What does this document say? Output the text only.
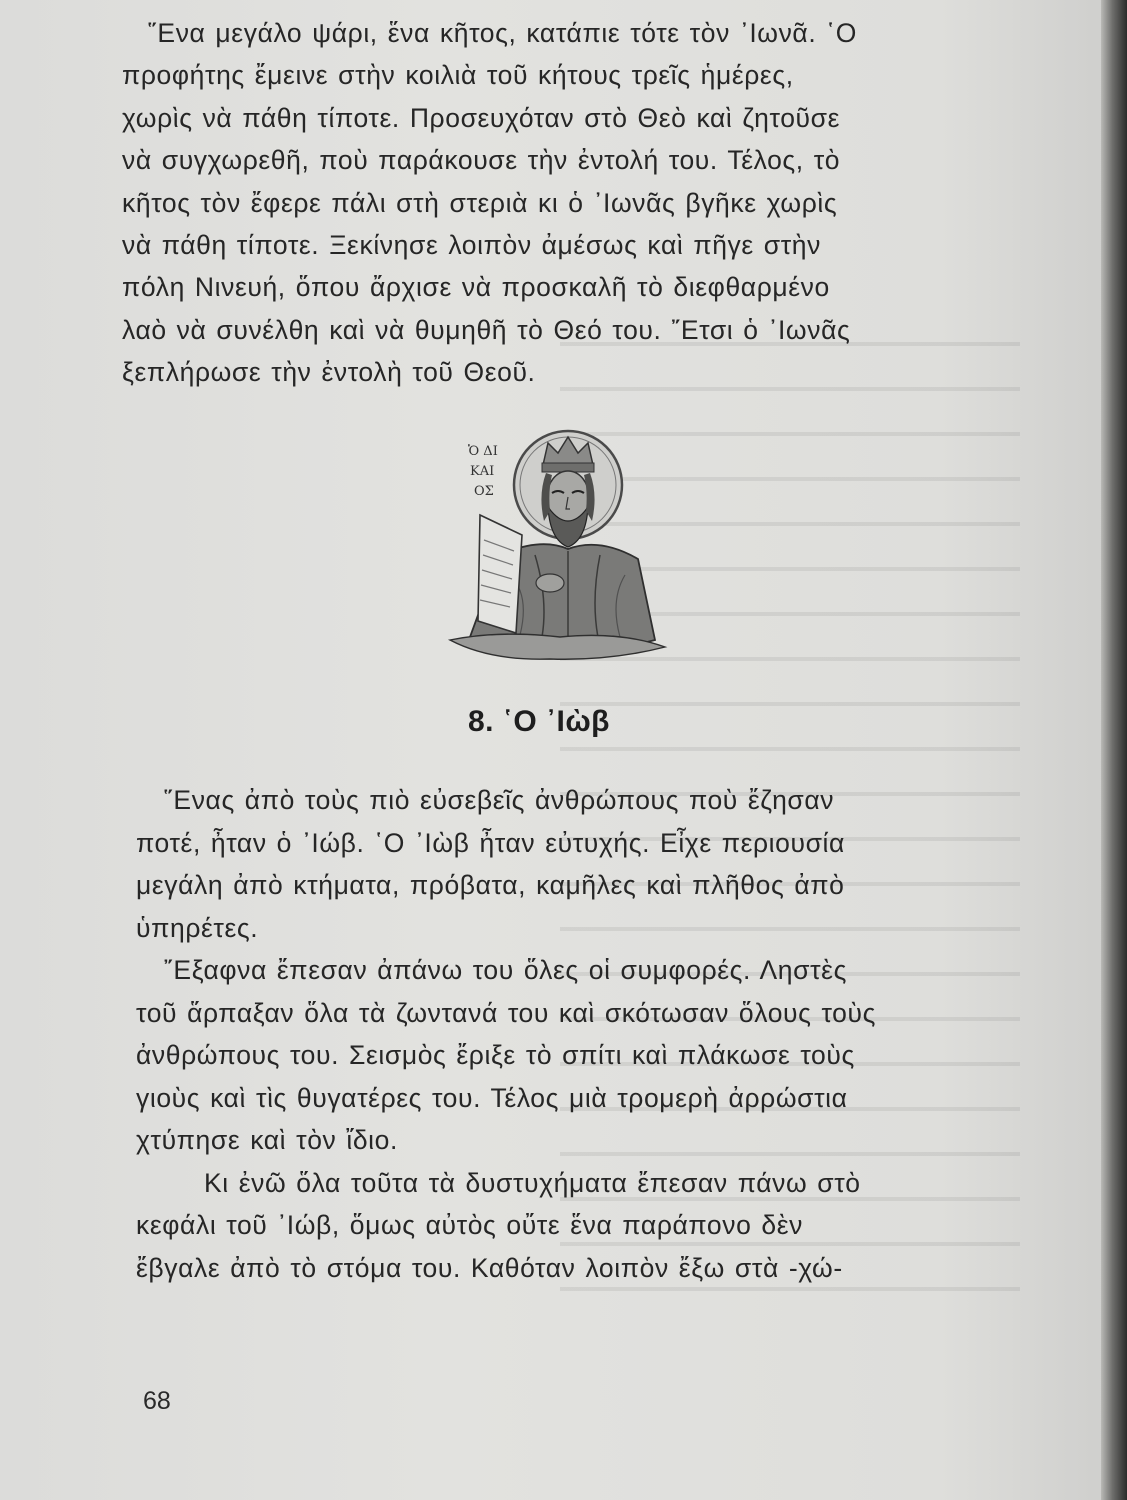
῞Ενα μεγάλο ψάρι, ἕνα κῆτος, κατάπιε τότε τὸν ᾽Ιωνᾶ. ῾Ο

προφήτης ἔμεινε στὴν κοιλιὰ τοῦ κήτους τρεῖς ἡμέρες,

χωρὶς νὰ πάθη τίποτε. Προσευχόταν στὸ Θεὸ καὶ ζητοῦσε

νὰ συγχωρεθῆ, ποὺ παράκουσε τὴν ἐντολή του. Τέλος, τὸ

κῆτος τὸν ἔφερε πάλι στὴ στεριὰ κι ὁ ᾽Ιωνᾶς βγῆκε χωρὶς

νὰ πάθη τίποτε. Ξεκίνησε λοιπὸν ἀμέσως καὶ πῆγε στὴν

πόλη Νινευή, ὅπου ἄρχισε νὰ προσκαλῆ τὸ διεφθαρμένο

λαὸ νὰ συνέλθη καὶ νὰ θυμηθῆ τὸ Θεό του. ῎Ετσι ὁ ᾽Ιωνᾶς

ξεπλήρωσε τὴν ἐντολὴ τοῦ Θεοῦ.

Ὁ ΔΙ
ΚΑΙ
ΟΣ
8. ῾Ο ᾽Ιὼβ

῞Ενας ἀπὸ τοὺς πιὸ εὐσεβεῖς ἀνθρώπους ποὺ ἔζησαν

ποτέ, ἦταν ὁ ᾽Ιώβ. ῾Ο ᾽Ιὼβ ἦταν εὐτυχής. Εἶχε περιουσία

μεγάλη ἀπὸ κτήματα, πρόβατα, καμῆλες καὶ πλῆθος ἀπὸ

ὑπηρέτες.

῎Εξαφνα ἔπεσαν ἀπάνω του ὅλες οἱ συμφορές. Ληστὲς

τοῦ ἅρπαξαν ὅλα τὰ ζωντανά του καὶ σκότωσαν ὅλους τοὺς

ἀνθρώπους του. Σεισμὸς ἔριξε τὸ σπίτι καὶ πλάκωσε τοὺς

γιοὺς καὶ τὶς θυγατέρες του. Τέλος μιὰ τρομερὴ ἀρρώστια

χτύπησε καὶ τὸν ἴδιο.

Κι ἐνῶ ὅλα τοῦτα τὰ δυστυχήματα ἔπεσαν πάνω στὸ

κεφάλι τοῦ ᾽Ιώβ, ὅμως αὐτὸς οὔτε ἕνα παράπονο δὲν

ἔβγαλε ἀπὸ τὸ στόμα του. Καθόταν λοιπὸν ἔξω στὰ -χώ-

68
